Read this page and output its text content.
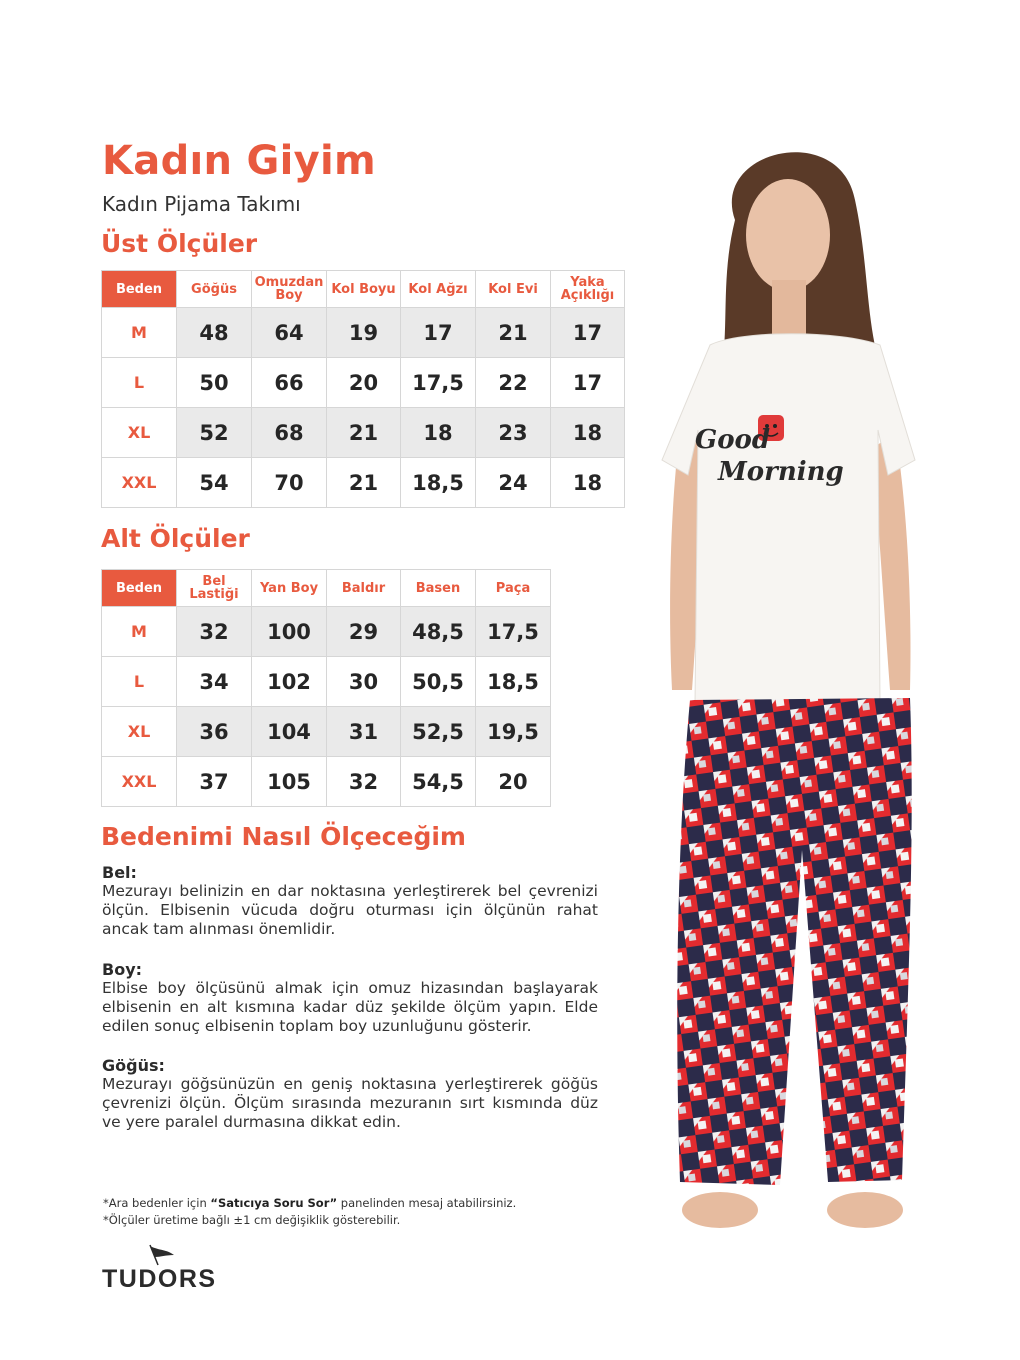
Kadın Giyim
Kadın Pijama Takımı
Üst Ölçüler
Beden	Göğüs	Omuzdan Boy	Kol Boyu	Kol Ağzı	Kol Evi	Yaka Açıklığı
M	48	64	19	17	21	17
L	50	66	20	17,5	22	17
XL	52	68	21	18	23	18
XXL	54	70	21	18,5	24	18
Alt Ölçüler
Beden	Bel Lastiği	Yan Boy	Baldır	Basen	Paça
M	32	100	29	48,5	17,5
L	34	102	30	50,5	18,5
XL	36	104	31	52,5	19,5
XXL	37	105	32	54,5	20
Bedenimi Nasıl Ölçeceğim
Bel:
Mezurayı belinizin en dar noktasına yerleştirerek bel çevrenizi ölçün. Elbisenin vücuda doğru oturması için ölçünün rahat ancak tam alınması önemlidir.
Boy:
Elbise boy ölçüsünü almak için omuz hizasından başlayarak elbisenin en alt kısmına kadar düz şekilde ölçüm yapın. Elde edilen sonuç elbisenin toplam boy uzunluğunu gösterir.
Göğüs:
Mezurayı göğsünüzün en geniş noktasına yerleştirerek göğüs çevrenizi ölçün. Ölçüm sırasında mezuranın sırt kısmında düz ve yere paralel durmasına dikkat edin.
*Ara bedenler için “Satıcıya Soru Sor” panelinden mesaj atabilirsiniz.
*Ölçüler üretime bağlı ±1 cm değişiklik gösterebilir.
TUDORS
Good
Morning
